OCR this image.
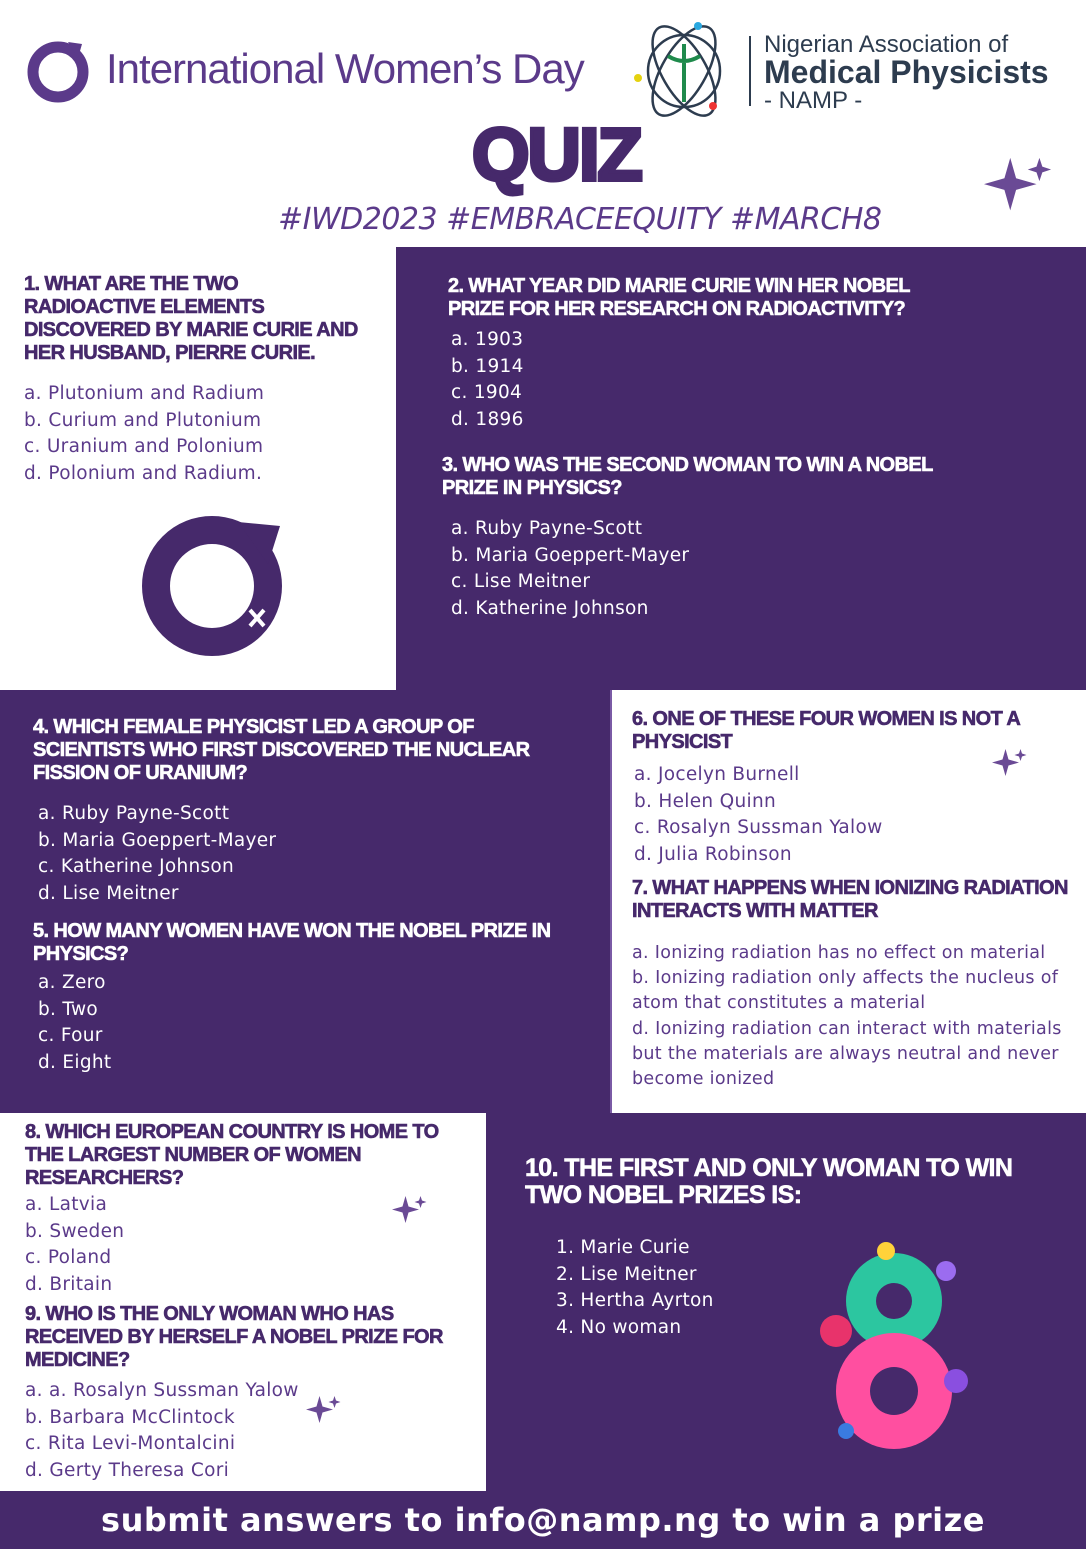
International Women’s Day
Nigerian Association of
Medical Physicists
- NAMP -
QUIZ
#IWD2023 #EMBRACEEQUITY #MARCH8
1. WHAT ARE THE TWO RADIOACTIVE ELEMENTS DISCOVERED BY MARIE CURIE AND HER HUSBAND, PIERRE CURIE.
a. Plutonium and Radium
b. Curium and Plutonium
c. Uranium and Polonium
d. Polonium and Radium.
2. WHAT YEAR DID MARIE CURIE WIN HER NOBEL PRIZE FOR HER RESEARCH ON RADIOACTIVITY?
a. 1903
b. 1914
c. 1904
d. 1896
3. WHO WAS THE SECOND WOMAN TO WIN A NOBEL PRIZE IN PHYSICS?
a. Ruby Payne-Scott
b. Maria Goeppert-Mayer
c. Lise Meitner
d. Katherine Johnson
4. WHICH FEMALE PHYSICIST LED A GROUP OF SCIENTISTS WHO FIRST DISCOVERED THE NUCLEAR FISSION OF URANIUM?
a. Ruby Payne-Scott
b. Maria Goeppert-Mayer
c. Katherine Johnson
d. Lise Meitner
5. HOW MANY WOMEN HAVE WON THE NOBEL PRIZE IN PHYSICS?
a. Zero
b. Two
c. Four
d. Eight
6. ONE OF THESE FOUR WOMEN IS NOT A PHYSICIST
a. Jocelyn Burnell
b. Helen Quinn
c. Rosalyn Sussman Yalow
d. Julia Robinson
7. WHAT HAPPENS WHEN IONIZING RADIATION INTERACTS WITH MATTER
a. Ionizing radiation has no effect on material
b. Ionizing radiation only affects the nucleus of atom that constitutes a material
d. Ionizing radiation can interact with materials but the materials are always neutral and never become ionized
8. WHICH EUROPEAN COUNTRY IS HOME TO THE LARGEST NUMBER OF WOMEN RESEARCHERS?
a. Latvia
b. Sweden
c. Poland
d. Britain
9. WHO IS THE ONLY WOMAN WHO HAS RECEIVED BY HERSELF A NOBEL PRIZE FOR MEDICINE?
a. a. Rosalyn Sussman Yalow
b. Barbara McClintock
c. Rita Levi-Montalcini
d. Gerty Theresa Cori
10. THE FIRST AND ONLY WOMAN TO WIN TWO NOBEL PRIZES IS:
1. Marie Curie
2. Lise Meitner
3. Hertha Ayrton
4. No woman
submit answers to info@namp.ng to win a prize
